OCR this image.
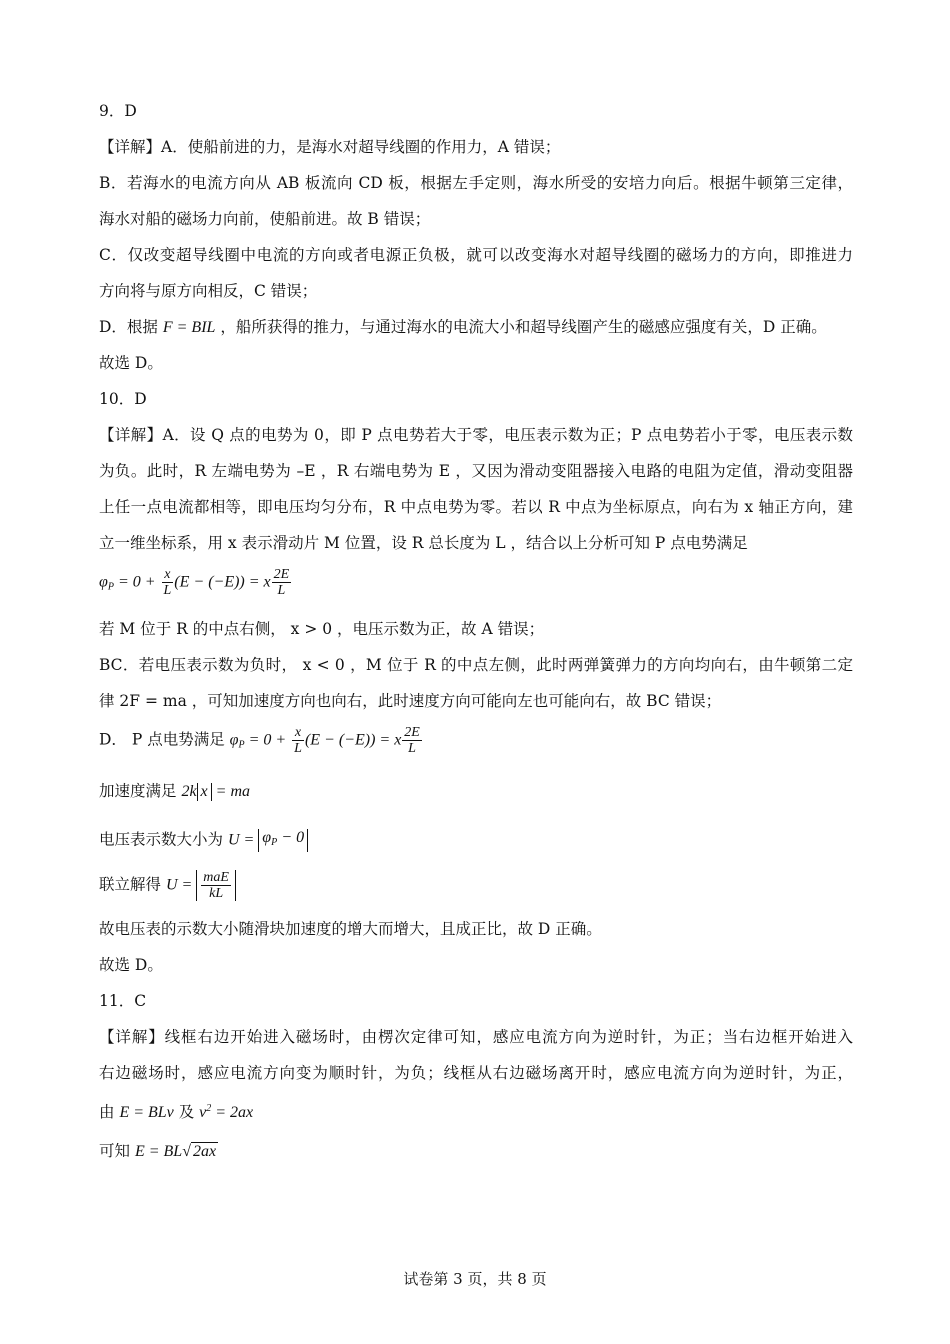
9．D
【详解】A．使船前进的力，是海水对超导线圈的作用力，A 错误；
B．若海水的电流方向从 AB 板流向 CD 板，根据左手定则，海水所受的安培力向后。根据牛顿第三定律，
海水对船的磁场力向前，使船前进。故 B 错误；
C．仅改变超导线圈中电流的方向或者电源正负极，就可以改变海水对超导线圈的磁场力的方向，即推进力
方向将与原方向相反，C 错误；
D．根据 F = BIL ，船所获得的推力，与通过海水的电流大小和超导线圈产生的磁感应强度有关，D 正确。
故选 D。
10．D
【详解】A．设 Q 点的电势为 0，即 P 点电势若大于零，电压表示数为正；P 点电势若小于零，电压表示数
为负。此时，R 左端电势为 –E ，R 右端电势为 E ，又因为滑动变阻器接入电路的电阻为定值，滑动变阻器
上任一点电流都相等，即电压均匀分布，R 中点电势为零。若以 R 中点为坐标原点，向右为 x 轴正方向，建
立一维坐标系，用 x 表示滑动片 M 位置，设 R 总长度为 L ，结合以上分析可知 P 点电势满足
$\varphi_P = 0 + \frac{x}{L} (E - (-E)) = x \frac{2E}{L}$
若 M 位于 R 的中点右侧， x > 0 ，电压示数为正，故 A 错误；
BC．若电压表示数为负时， x < 0 ，M 位于 R 的中点左侧，此时两弹簧弹力的方向均向右，由牛顿第二定
律 2F = ma ，可知加速度方向也向右，此时速度方向可能向左也可能向右，故 BC 错误；
D． P 点电势满足 $\varphi_P = 0 + \frac{x}{L} (E - (-E)) = x \frac{2E}{L}$
加速度满足 2k x = ma
电压表示数大小为 $U = \varphi_P - 0$
联立解得 $U = \frac{\text{maE}}{kL}$
故电压表的示数大小随滑块加速度的增大而增大，且成正比，故 D 正确。
故选 D。
11．C
【详解】线框右边开始进入磁场时，由楞次定律可知，感应电流方向为逆时针，为正；当右边框开始进入
右边磁场时，感应电流方向变为顺时针，为负；线框从右边磁场离开时，感应电流方向为逆时针，为正，
由 E = BLv 及 $v^2 = 2ax$
可知 E = BL√ 2ax
试卷第 3 页，共 8 页
